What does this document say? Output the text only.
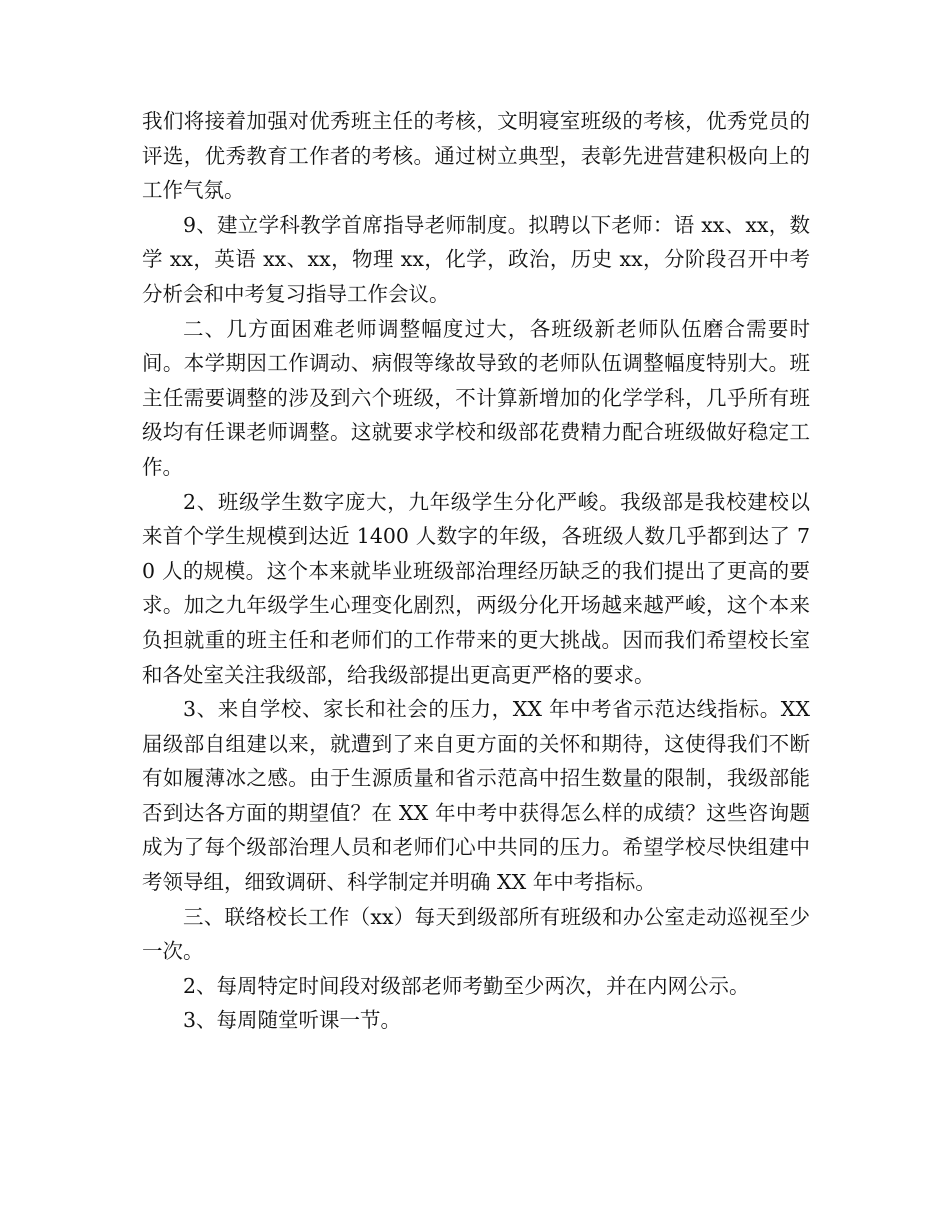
我们将接着加强对优秀班主任的考核，文明寝室班级的考核，优秀党员的评选，优秀教育工作者的考核。通过树立典型，表彰先进营建积极向上的工作气氛。

9、建立学科教学首席指导老师制度。拟聘以下老师：语 xx、xx，数学 xx，英语 xx、xx，物理 xx，化学，政治，历史 xx，分阶段召开中考分析会和中考复习指导工作会议。

二、几方面困难老师调整幅度过大，各班级新老师队伍磨合需要时间。本学期因工作调动、病假等缘故导致的老师队伍调整幅度特别大。班主任需要调整的涉及到六个班级，不计算新增加的化学学科，几乎所有班级均有任课老师调整。这就要求学校和级部花费精力配合班级做好稳定工作。

2、班级学生数字庞大，九年级学生分化严峻。我级部是我校建校以来首个学生规模到达近 1400 人数字的年级，各班级人数几乎都到达了 70 人的规模。这个本来就毕业班级部治理经历缺乏的我们提出了更高的要求。加之九年级学生心理变化剧烈，两级分化开场越来越严峻，这个本来负担就重的班主任和老师们的工作带来的更大挑战。因而我们希望校长室和各处室关注我级部，给我级部提出更高更严格的要求。

3、来自学校、家长和社会的压力，XX 年中考省示范达线指标。XX 届级部自组建以来，就遭到了来自更方面的关怀和期待，这使得我们不断有如履薄冰之感。由于生源质量和省示范高中招生数量的限制，我级部能否到达各方面的期望值？在 XX 年中考中获得怎么样的成绩？这些咨询题成为了每个级部治理人员和老师们心中共同的压力。希望学校尽快组建中考领导组，细致调研、科学制定并明确 XX 年中考指标。

三、联络校长工作（xx）每天到级部所有班级和办公室走动巡视至少一次。

2、每周特定时间段对级部老师考勤至少两次，并在内网公示。

3、每周随堂听课一节。
